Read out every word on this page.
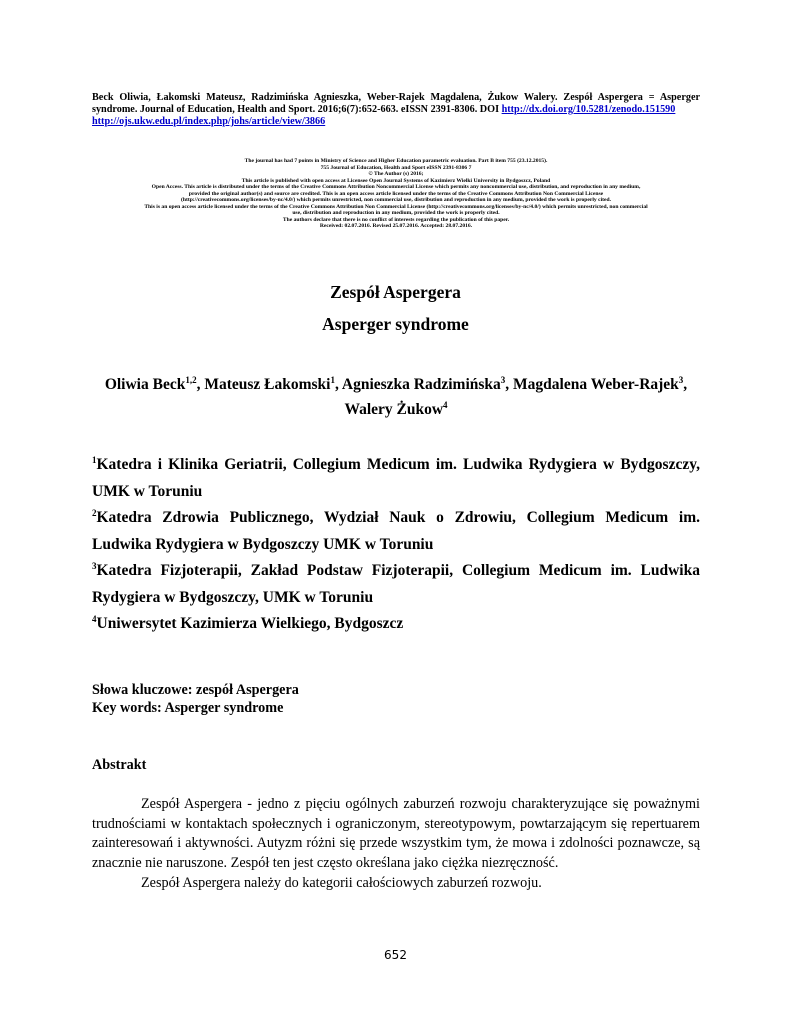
Beck Oliwia, Łakomski Mateusz, Radzimińska Agnieszka, Weber-Rajek Magdalena, Żukow Walery. Zespół Aspergera = Asperger syndrome. Journal of Education, Health and Sport. 2016;6(7):652-663. eISSN 2391-8306. DOI http://dx.doi.org/10.5281/zenodo.151590
http://ojs.ukw.edu.pl/index.php/johs/article/view/3866
The journal has had 7 points in Ministry of Science and Higher Education parametric evaluation. Part B item 755 (23.12.2015).
755 Journal of Education, Health and Sport eISSN 2391-8306 7
© The Author (s) 2016;
This article is published with open access at Licensee Open Journal Systems of Kazimierz Wielki University in Bydgoszcz, Poland
Open Access. This article is distributed under the terms of the Creative Commons Attribution Noncommercial License which permits any noncommercial use, distribution, and reproduction in any medium,
provided the original author(s) and source are credited. This is an open access article licensed under the terms of the Creative Commons Attribution Non Commercial License
(http://creativecommons.org/licenses/by-nc/4.0/) which permits unrestricted, non commercial use, distribution and reproduction in any medium, provided the work is properly cited.
This is an open access article licensed under the terms of the Creative Commons Attribution Non Commercial License (http://creativecommons.org/licenses/by-nc/4.0/) which permits unrestricted, non commercial
use, distribution and reproduction in any medium, provided the work is properly cited.
The authors declare that there is no conflict of interests regarding the publication of this paper.
Received: 02.07.2016. Revised 25.07.2016. Accepted: 28.07.2016.
Zespół Aspergera
Asperger syndrome
Oliwia Beck$^{1,2}$, Mateusz Łakomski$^1$, Agnieszka Radzimińska$^3$, Magdalena Weber-Rajek$^3$,
Walery Żukow$^4$
$^1$Katedra i Klinika Geriatrii, Collegium Medicum im. Ludwika Rydygiera w Bydgoszczy, UMK w Toruniu
$^2$Katedra Zdrowia Publicznego, Wydział Nauk o Zdrowiu, Collegium Medicum im. Ludwika Rydygiera w Bydgoszczy UMK w Toruniu
$^3$Katedra Fizjoterapii, Zakład Podstaw Fizjoterapii, Collegium Medicum im. Ludwika Rydygiera w Bydgoszczy, UMK w Toruniu
$^4$Uniwersytet Kazimierza Wielkiego, Bydgoszcz
Słowa kluczowe: zespół Aspergera
Key words: Asperger syndrome
Abstrakt
Zespół Aspergera - jedno z pięciu ogólnych zaburzeń rozwoju charakteryzujące się poważnymi trudnościami w kontaktach społecznych i ograniczonym, stereotypowym, powtarzającym się repertuarem zainteresowań i aktywności. Autyzm różni się przede wszystkim tym, że mowa i zdolności poznawcze, są znacznie nie naruszone. Zespół ten jest często określana jako ciężka niezręczność.
Zespół Aspergera należy do kategorii całościowych zaburzeń rozwoju.
652
